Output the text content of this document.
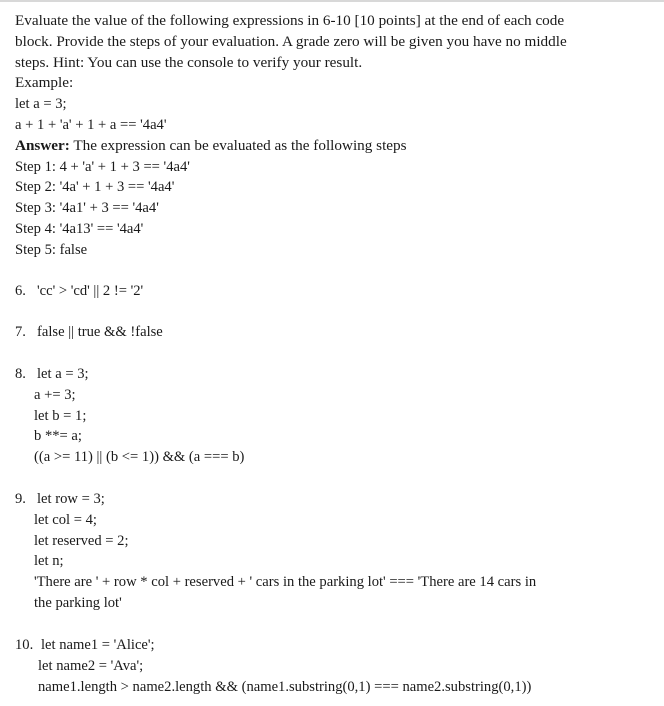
Evaluate the value of the following expressions in 6-10 [10 points] at the end of each code
block. Provide the steps of your evaluation. A grade zero will be given you have no middle
steps. Hint: You can use the console to verify your result.
Example:
let a = 3;
a + 1 + 'a' + 1 + a == '4a4'
Answer: The expression can be evaluated as the following steps
Step 1: 4 + 'a' + 1 + 3 == '4a4'
Step 2: '4a' + 1 + 3 == '4a4'
Step 3: '4a1' + 3 == '4a4'
Step 4: '4a13' == '4a4'
Step 5: false
6. 'cc' > 'cd' || 2 != '2'
7. false || true && !false
8. let a = 3;
a += 3;
let b = 1;
b **= a;
((a >= 11) || (b <= 1)) && (a === b)
9. let row = 3;
let col = 4;
let reserved = 2;
let n;
'There are ' + row * col + reserved + ' cars in the parking lot' === 'There are 14 cars in
the parking lot'
10. let name1 = 'Alice';
let name2 = 'Ava';
name1.length > name2.length && (name1.substring(0,1) === name2.substring(0,1))
